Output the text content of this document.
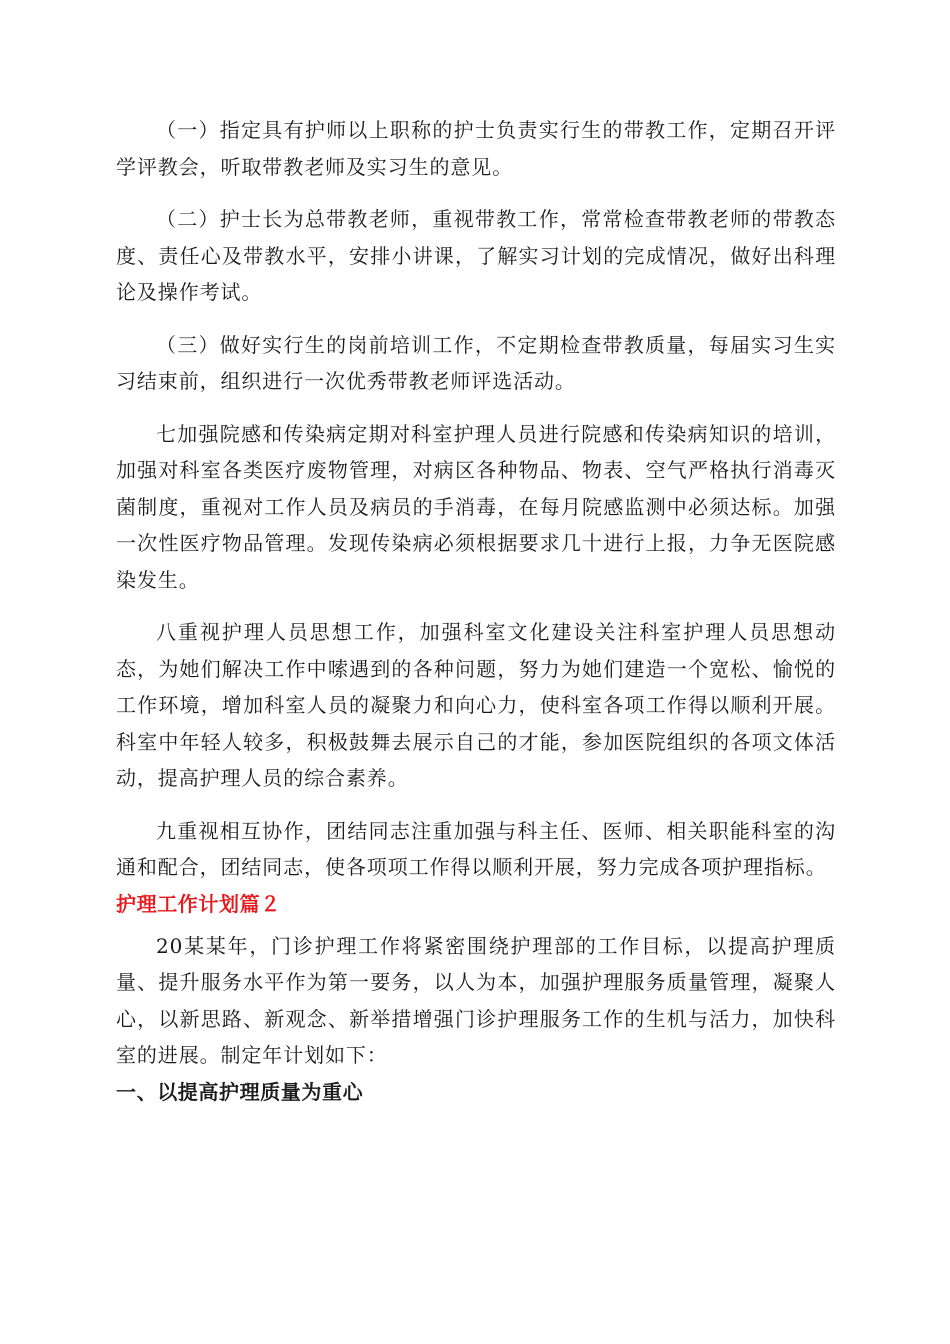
（一）指定具有护师以上职称的护士负责实行生的带教工作，定期召开评学评教会，听取带教老师及实习生的意见。

（二）护士长为总带教老师，重视带教工作，常常检查带教老师的带教态度、责任心及带教水平，安排小讲课，了解实习计划的完成情况，做好出科理论及操作考试。

（三）做好实行生的岗前培训工作，不定期检查带教质量，每届实习生实习结束前，组织进行一次优秀带教老师评选活动。

七加强院感和传染病定期对科室护理人员进行院感和传染病知识的培训，加强对科室各类医疗废物管理，对病区各种物品、物表、空气严格执行消毒灭菌制度，重视对工作人员及病员的手消毒，在每月院感监测中必须达标。加强一次性医疗物品管理。发现传染病必须根据要求几十进行上报，力争无医院感染发生。

八重视护理人员思想工作，加强科室文化建设关注科室护理人员思想动态，为她们解决工作中嗦遇到的各种问题，努力为她们建造一个宽松、愉悦的工作环境，增加科室人员的凝聚力和向心力，使科室各项工作得以顺利开展。科室中年轻人较多，积极鼓舞去展示自己的才能，参加医院组织的各项文体活动，提高护理人员的综合素养。

九重视相互协作，团结同志注重加强与科主任、医师、相关职能科室的沟通和配合，团结同志，使各项项工作得以顺利开展，努力完成各项护理指标。

护理工作计划篇２

20某某年，门诊护理工作将紧密围绕护理部的工作目标，以提高护理质量、提升服务水平作为第一要务，以人为本，加强护理服务质量管理，凝聚人心，以新思路、新观念、新举措增强门诊护理服务工作的生机与活力，加快科室的进展。制定年计划如下：

一、以提高护理质量为重心
